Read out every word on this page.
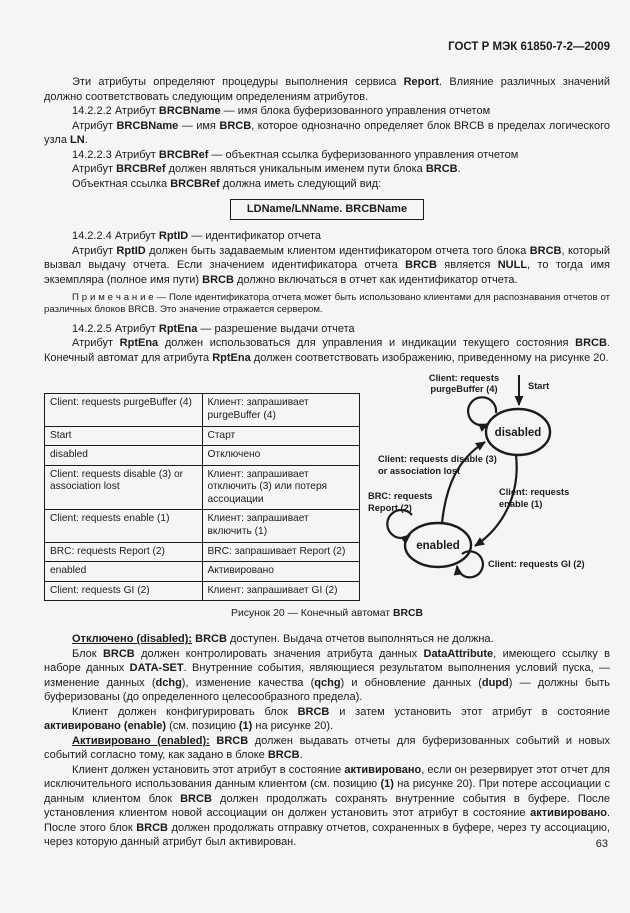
ГОСТ Р МЭК 61850-7-2—2009

Эти атрибуты определяют процедуры выполнения сервиса Report. Влияние различных значений должно соответствовать следующим определениям атрибутов.

14.2.2.2 Атрибут BRCBName — имя блока буферизованного управления отчетом

Атрибут BRCBName — имя BRCB, которое однозначно определяет блок BRCB в пределах логического узла LN.

14.2.2.3 Атрибут BRCBRef — объектная ссылка буферизованного управления отчетом

Атрибут BRCBRef должен являться уникальным именем пути блока BRCB.

Объектная ссылка BRCBRef должна иметь следующий вид:

LDName/LNName. BRCBName

14.2.2.4 Атрибут RptID — идентификатор отчета

Атрибут RptID должен быть задаваемым клиентом идентификатором отчета того блока BRCB, который вызвал выдачу отчета. Если значением идентификатора отчета BRCB является NULL, то тогда имя экземпляра (полное имя пути) BRCB должно включаться в отчет как идентификатор отчета.

П р и м е ч а н и е — Поле идентификатора отчета может быть использовано клиентами для распознавания отчетов от различных блоков BRCB. Это значение отражается сервером.

14.2.2.5 Атрибут RptEna — разрешение выдачи отчета

Атрибут RptEna должен использоваться для управления и индикации текущего состояния BRCB. Конечный автомат для атрибута RptEna должен соответствовать изображению, приведенному на рисунке 20.

Client: requests purgeBuffer (4)	Клиент: запрашивает purgeBuffer (4)
Start	Старт
disabled	Отключено
Client: requests disable (3) or association lost	Клиент: запрашивает отключить (3) или потеря ассоциации
Client: requests enable (1)	Клиент: запрашивает включить (1)
BRC: requests Report (2)	BRC: запрашивает Report (2)
enabled	Активировано
Client: requests GI (2)	Клиент: запрашивает GI (2)
Client: requests
purgeBuffer (4)	Start
Client: requests disable (3)
or association lost
BRC: requests
Report (2)
Client: requests
enable (1)
Client: requests GI (2)
disabled
enabled

Рисунок 20 — Конечный автомат BRCB

Отключено (disabled): BRCB доступен. Выдача отчетов выполняться не должна.

Блок BRCB должен контролировать значения атрибута данных DataAttribute, имеющего ссылку в наборе данных DATA-SET. Внутренние события, являющиеся результатом выполнения условий пуска, — изменение данных (dchg), изменение качества (qchg) и обновление данных (dupd) — должны быть буферизованы (до определенного целесообразного предела).

Клиент должен конфигурировать блок BRCB и затем установить этот атрибут в состояние активировано (enable) (см. позицию (1) на рисунке 20).

Активировано (enabled): BRCB должен выдавать отчеты для буферизованных событий и новых событий согласно тому, как задано в блоке BRCB.

Клиент должен установить этот атрибут в состояние активировано, если он резервирует этот отчет для исключительного использования данным клиентом (см. позицию (1) на рисунке 20). При потере ассоциации с данным клиентом блок BRCB должен продолжать сохранять внутренние события в буфере. После установления клиентом новой ассоциации он должен установить этот атрибут в состояние активировано. После этого блок BRCB должен продолжать отправку отчетов, сохраненных в буфере, через ту ассоциацию, через которую данный атрибут был активирован.	63
